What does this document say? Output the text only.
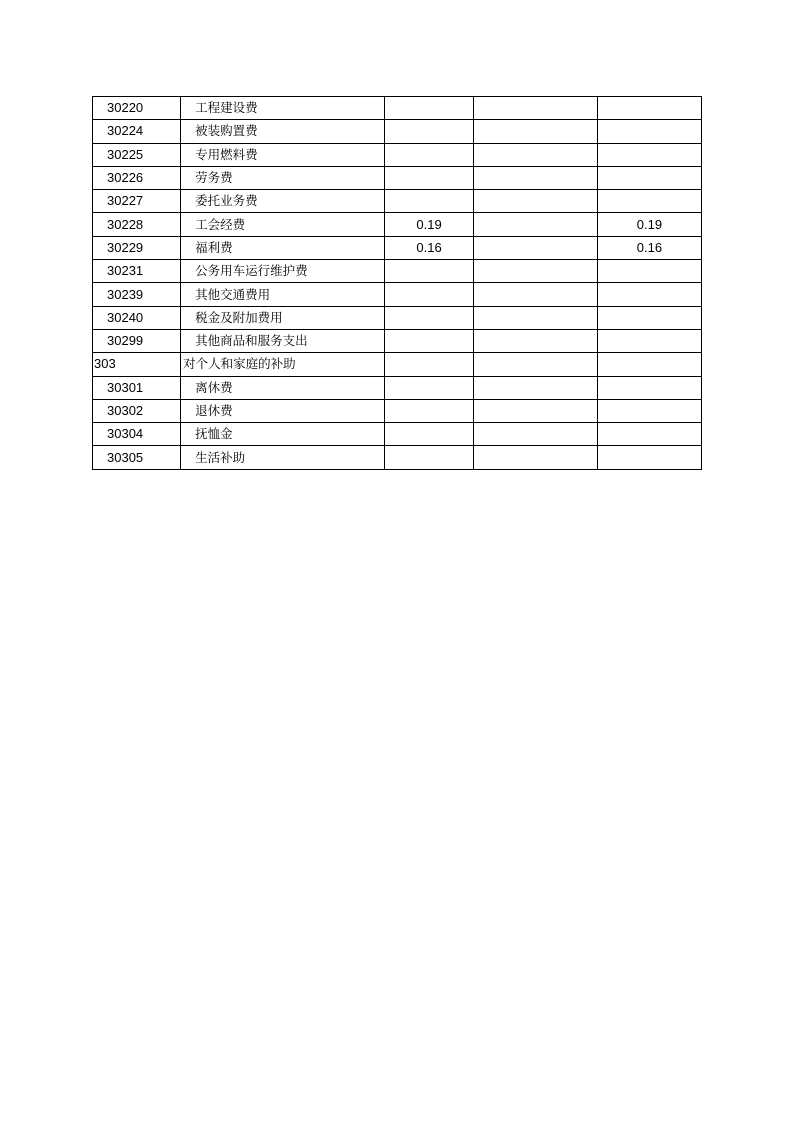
30220	工程建设费			
30224	被装购置费			
30225	专用燃料费			
30226	劳务费			
30227	委托业务费			
30228	工会经费	0.19		0.19
30229	福利费	0.16		0.16
30231	公务用车运行维护费			
30239	其他交通费用			
30240	税金及附加费用			
30299	其他商品和服务支出			
303	对个人和家庭的补助			
30301	离休费			
30302	退休费			
30304	抚恤金			
30305	生活补助			
